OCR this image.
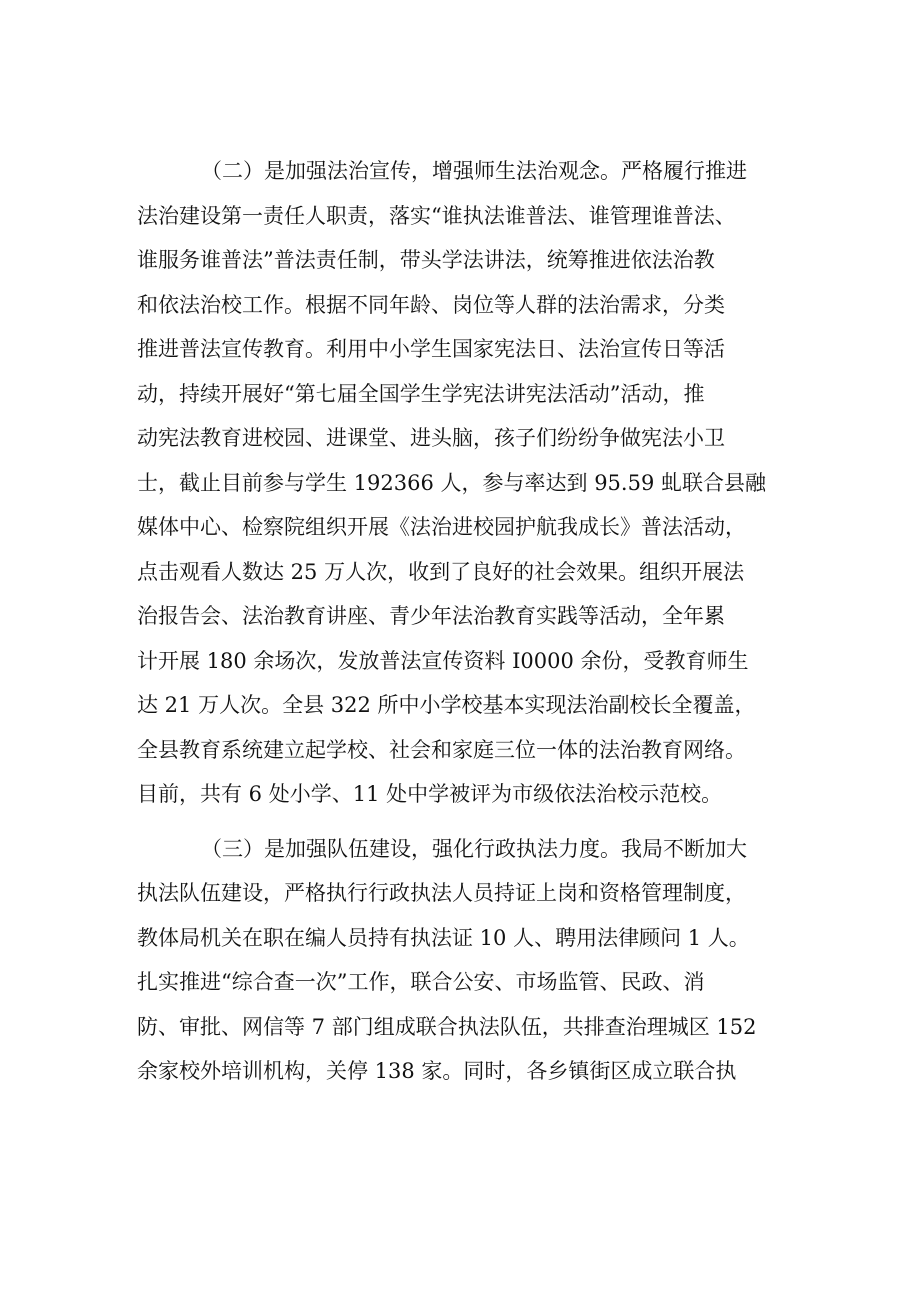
（二）是加强法治宣传，增强师生法治观念。严格履行推进
法治建设第一责任人职责，落实“谁执法谁普法、谁管理谁普法、
谁服务谁普法”普法责任制，带头学法讲法，统筹推进依法治教
和依法治校工作。根据不同年龄、岗位等人群的法治需求，分类
推进普法宣传教育。利用中小学生国家宪法日、法治宣传日等活
动，持续开展好“第七届全国学生学宪法讲宪法活动”活动，推
动宪法教育进校园、进课堂、进头脑，孩子们纷纷争做宪法小卫
士，截止目前参与学生 192366 人，参与率达到 95.59 虬联合县融
媒体中心、检察院组织开展《法治进校园护航我成长》普法活动，
点击观看人数达 25 万人次，收到了良好的社会效果。组织开展法
治报告会、法治教育讲座、青少年法治教育实践等活动，全年累
计开展 180 余场次，发放普法宣传资料 I0000 余份，受教育师生
达 21 万人次。全县 322 所中小学校基本实现法治副校长全覆盖，
全县教育系统建立起学校、社会和家庭三位一体的法治教育网络。
目前，共有 6 处小学、11 处中学被评为市级依法治校示范校。
（三）是加强队伍建设，强化行政执法力度。我局不断加大
执法队伍建设，严格执行行政执法人员持证上岗和资格管理制度，
教体局机关在职在编人员持有执法证 10 人、聘用法律顾问 1 人。
扎实推进“综合查一次”工作，联合公安、市场监管、民政、消
防、审批、网信等 7 部门组成联合执法队伍，共排查治理城区 152
余家校外培训机构，关停 138 家。同时，各乡镇街区成立联合执
